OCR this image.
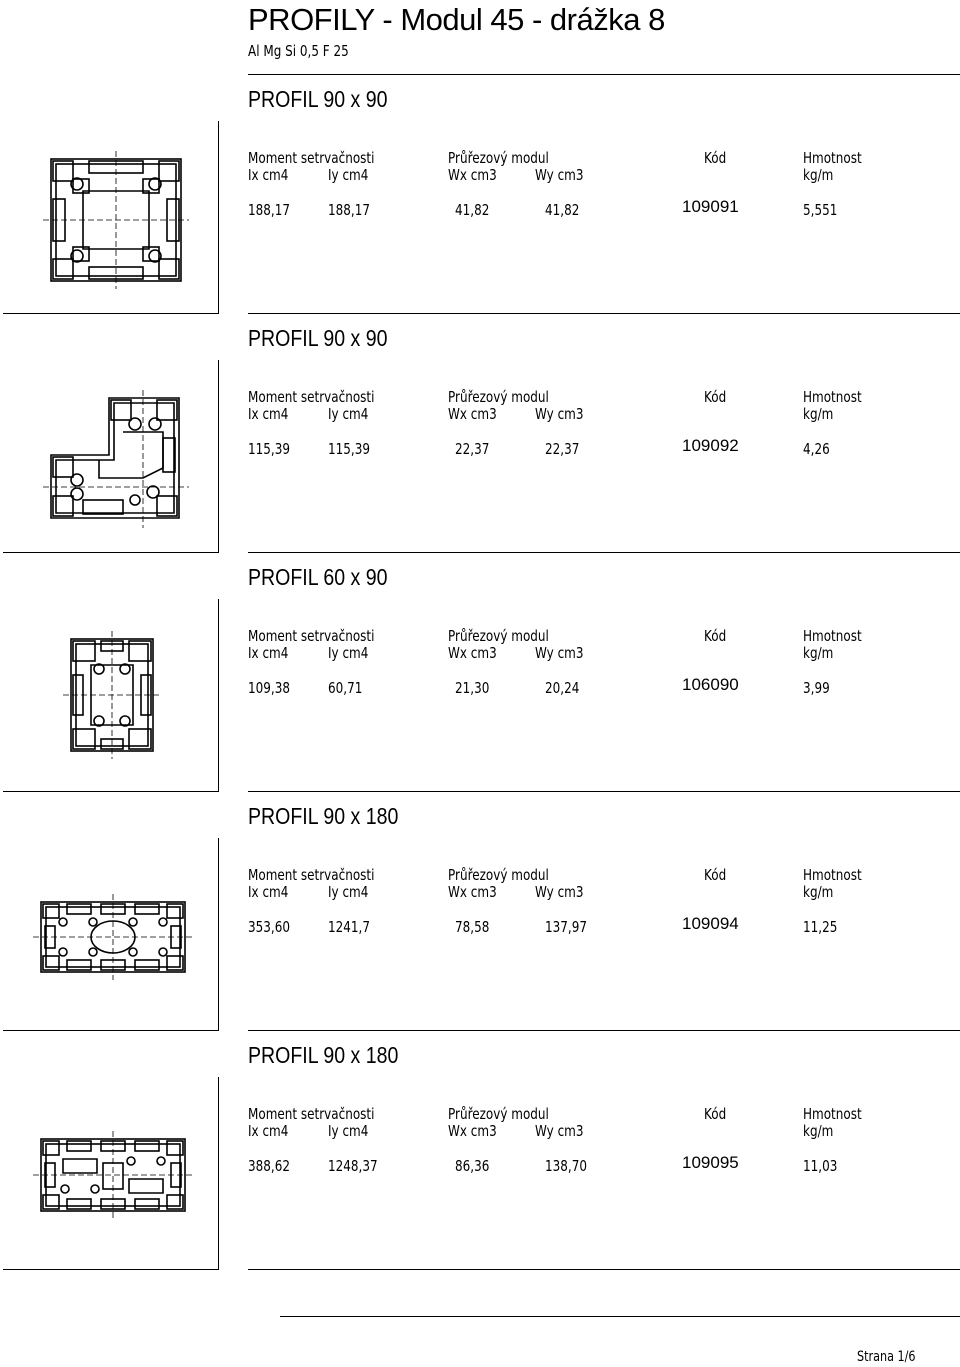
PROFILY - Modul 45 - drážka 8
Al Mg Si 0,5 F 25
PROFIL 90 x 90
Moment setrvačnosti	Průřezový modul	Kód	Hmotnost
Ix cm4	Iy cm4	Wx cm3	Wy cm3	kg/m
188,17	188,17	41,82	41,82	109091	5,551
PROFIL 90 x 90
Moment setrvačnosti	Průřezový modul	Kód	Hmotnost
Ix cm4	Iy cm4	Wx cm3	Wy cm3	kg/m
115,39	115,39	22,37	22,37	109092	4,26
PROFIL 60 x 90
Moment setrvačnosti	Průřezový modul	Kód	Hmotnost
Ix cm4	Iy cm4	Wx cm3	Wy cm3	kg/m
109,38	60,71	21,30	20,24	106090	3,99
PROFIL 90 x 180
Moment setrvačnosti	Průřezový modul	Kód	Hmotnost
Ix cm4	Iy cm4	Wx cm3	Wy cm3	kg/m
353,60	1241,7	78,58	137,97	109094	11,25
PROFIL 90 x 180
Moment setrvačnosti	Průřezový modul	Kód	Hmotnost
Ix cm4	Iy cm4	Wx cm3	Wy cm3	kg/m
388,62	1248,37	86,36	138,70	109095	11,03
Strana 1/6
